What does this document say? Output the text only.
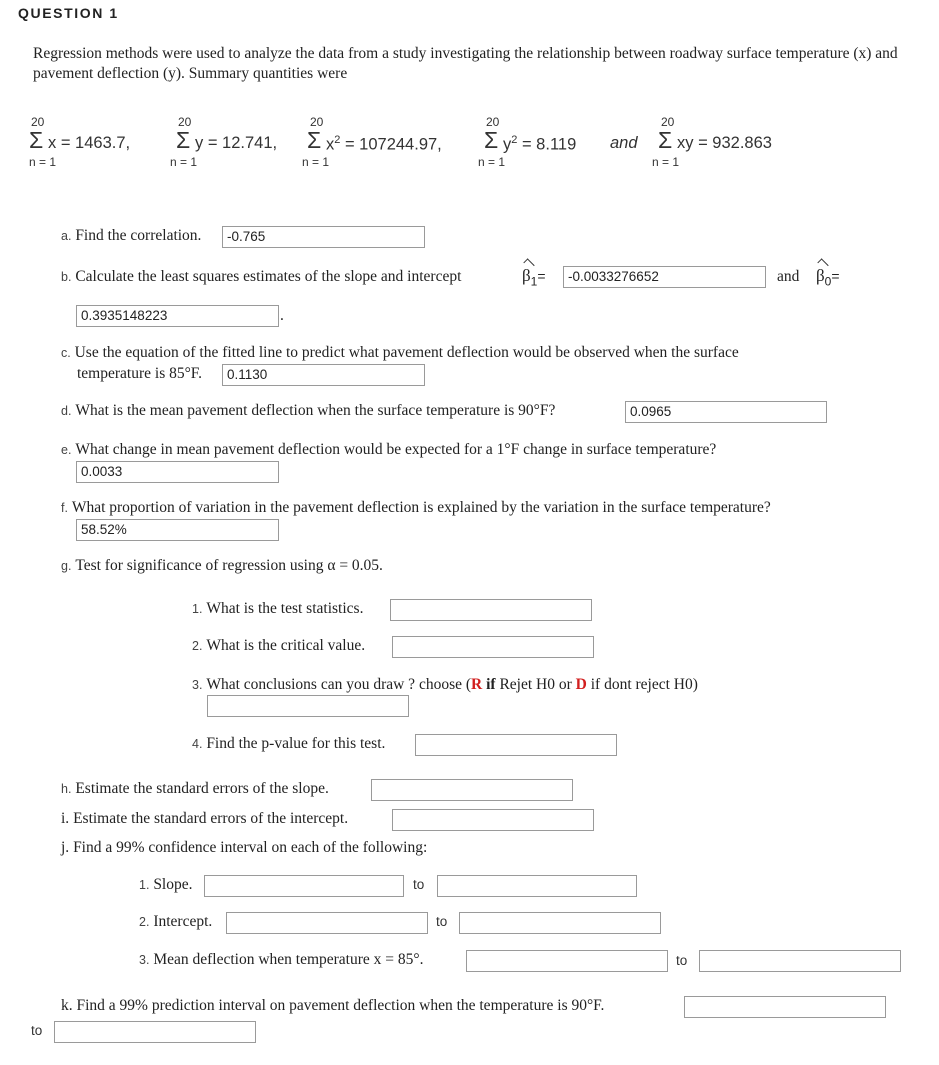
QUESTION 1
Regression methods were used to analyze the data from a study investigating the relationship between roadway surface temperature (x) and pavement deflection (y). Summary quantities were
20
Σ x = 1463.7,
n = 1
20
Σ y = 12.741,
n = 1
20
Σ $x^2 = 107244.97$,
n = 1
20
Σ $y^2 = 8.119$
n = 1
and
20
Σ xy = 932.863
n = 1
a. Find the correlation.	-0.765
b. Calculate the least squares estimates of the slope and intercept	$\beta_1=$	-0.0033276652	and $\beta_0=$
0.3935148223	.
c. Use the equation of the fitted line to predict what pavement deflection would be observed when the surface
temperature is 85°F.	0.1130
d. What is the mean pavement deflection when the surface temperature is 90°F?	0.0965
e. What change in mean pavement deflection would be expected for a 1°F change in surface temperature?
0.0033
f. What proportion of variation in the pavement deflection is explained by the variation in the surface temperature?
58.52%
g. Test for significance of regression using α = 0.05.
1. What is the test statistics.
2. What is the critical value.
3. What conclusions can you draw ? choose (R if Rejet H0 or D if dont reject H0)
4. Find the p-value for this test.
h. Estimate the standard errors of the slope.
i. Estimate the standard errors of the intercept.
j. Find a 99% confidence interval on each of the following:
1. Slope.	to
2. Intercept.	to
3. Mean deflection when temperature x = 85°.	to
k. Find a 99% prediction interval on pavement deflection when the temperature is 90°F.
to
